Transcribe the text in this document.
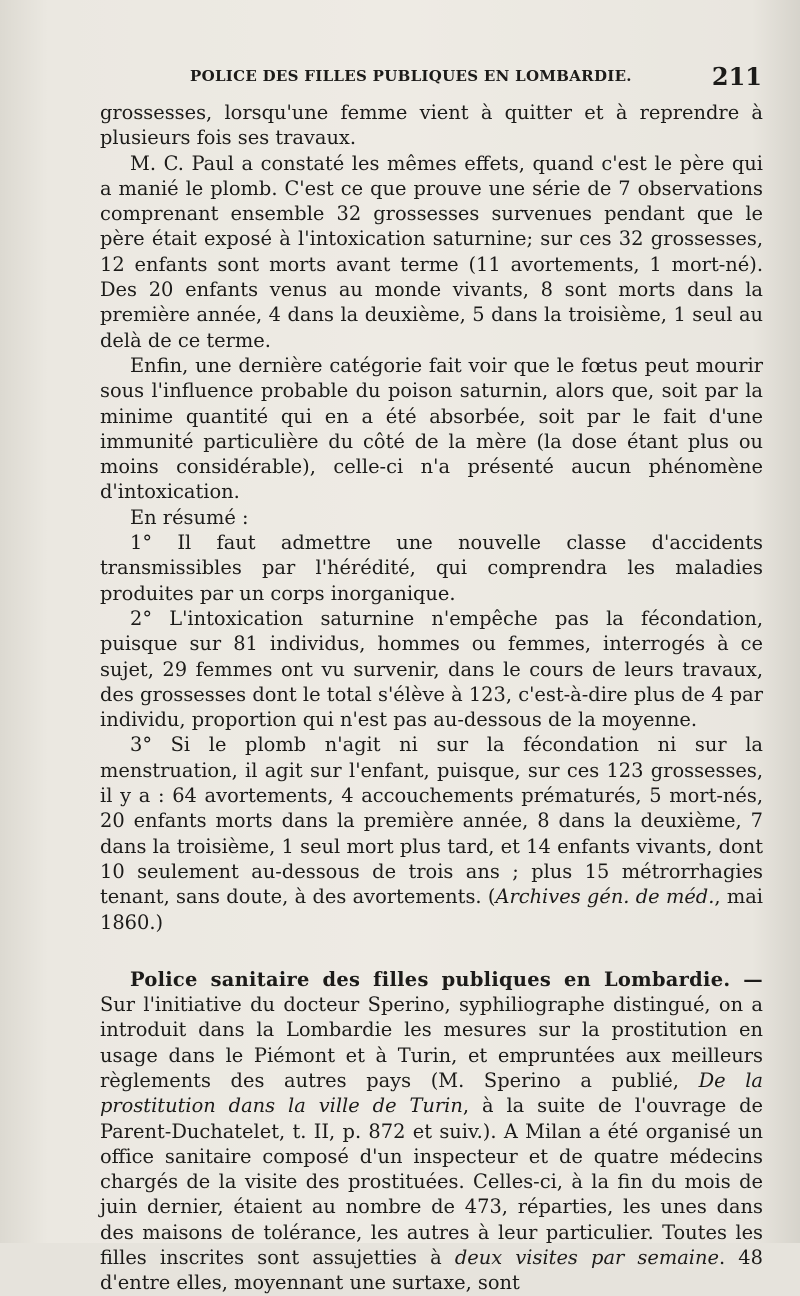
POLICE DES FILLES PUBLIQUES EN LOMBARDIE.	211

grossesses, lorsqu'une femme vient à quitter et à reprendre à plusieurs fois ses travaux.

M. C. Paul a constaté les mêmes effets, quand c'est le père qui a manié le plomb. C'est ce que prouve une série de 7 observations comprenant ensemble 32 grossesses survenues pendant que le père était exposé à l'intoxication saturnine; sur ces 32 grossesses, 12 enfants sont morts avant terme (11 avortements, 1 mort-né). Des 20 enfants venus au monde vivants, 8 sont morts dans la première année, 4 dans la deuxième, 5 dans la troisième, 1 seul au delà de ce terme.

Enfin, une dernière catégorie fait voir que le fœtus peut mourir sous l'influence probable du poison saturnin, alors que, soit par la minime quantité qui en a été absorbée, soit par le fait d'une immunité particulière du côté de la mère (la dose étant plus ou moins considérable), celle-ci n'a présenté aucun phénomène d'intoxication.

En résumé :

1° Il faut admettre une nouvelle classe d'accidents transmissibles par l'hérédité, qui comprendra les maladies produites par un corps inorganique.

2° L'intoxication saturnine n'empêche pas la fécondation, puisque sur 81 individus, hommes ou femmes, interrogés à ce sujet, 29 femmes ont vu survenir, dans le cours de leurs travaux, des grossesses dont le total s'élève à 123, c'est-à-dire plus de 4 par individu, proportion qui n'est pas au-dessous de la moyenne.

3° Si le plomb n'agit ni sur la fécondation ni sur la menstruation, il agit sur l'enfant, puisque, sur ces 123 grossesses, il y a : 64 avortements, 4 accouchements prématurés, 5 mort-nés, 20 enfants morts dans la première année, 8 dans la deuxième, 7 dans la troisième, 1 seul mort plus tard, et 14 enfants vivants, dont 10 seulement au-dessous de trois ans ; plus 15 métrorrhagies tenant, sans doute, à des avortements. (Archives gén. de méd., mai 1860.)

Police sanitaire des filles publiques en Lombardie. — Sur l'initiative du docteur Sperino, syphiliographe distingué, on a introduit dans la Lombardie les mesures sur la prostitution en usage dans le Piémont et à Turin, et empruntées aux meilleurs règlements des autres pays (M. Sperino a publié, De la prostitution dans la ville de Turin, à la suite de l'ouvrage de Parent-Duchatelet, t. II, p. 872 et suiv.). A Milan a été organisé un office sanitaire composé d'un inspecteur et de quatre médecins chargés de la visite des prostituées. Celles-ci, à la fin du mois de juin dernier, étaient au nombre de 473, réparties, les unes dans des maisons de tolérance, les autres à leur particulier. Toutes les filles inscrites sont assujetties à deux visites par semaine. 48 d'entre elles, moyennant une surtaxe, sont
